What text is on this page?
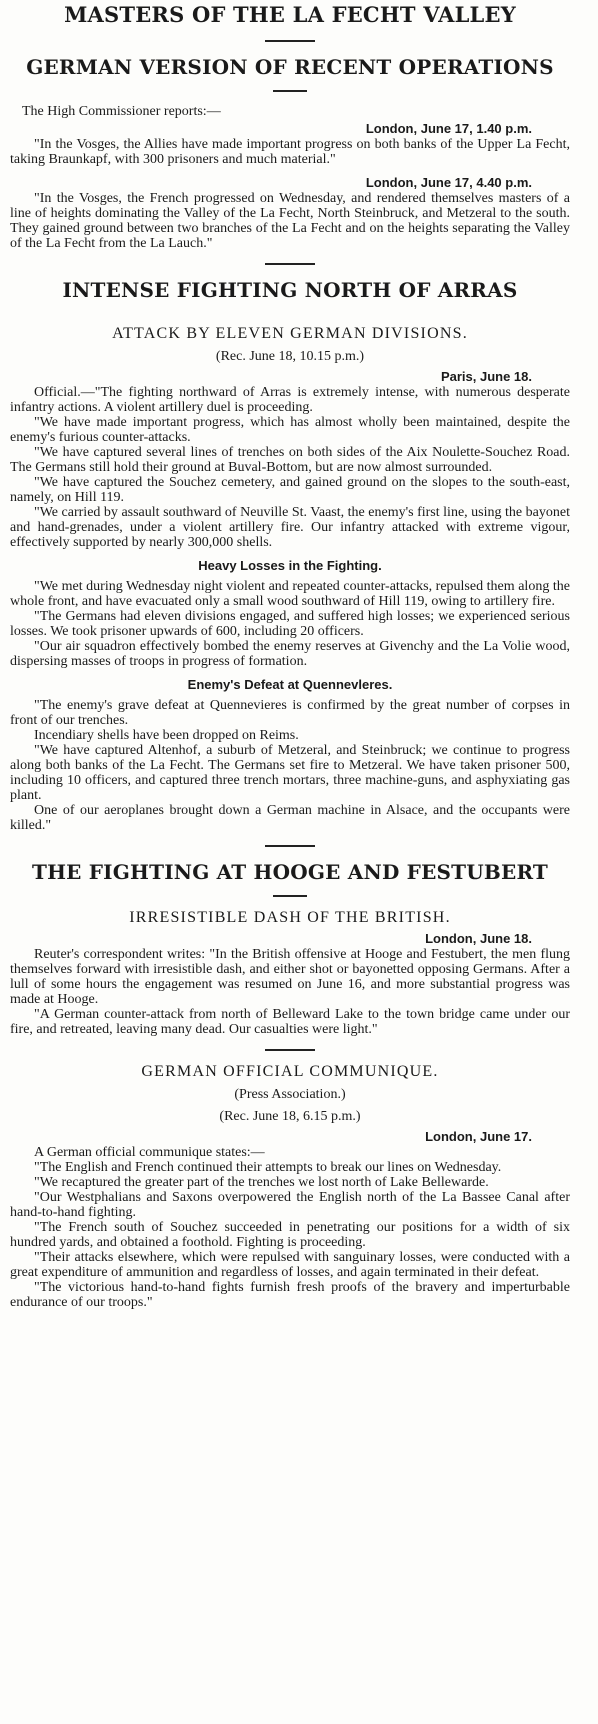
MASTERS OF THE LA FECHT VALLEY
GERMAN VERSION OF RECENT OPERATIONS

The High Commissioner reports:—

London, June 17, 1.40 p.m.

"In the Vosges, the Allies have made important progress on both banks of the Upper La Fecht, taking Braunkapf, with 300 prisoners and much material."

London, June 17, 4.40 p.m.

"In the Vosges, the French progressed on Wednesday, and rendered themselves masters of a line of heights dominating the Valley of the La Fecht, North Steinbruck, and Metzeral to the south. They gained ground between two branches of the La Fecht and on the heights separating the Valley of the La Fecht from the La Lauch."

INTENSE FIGHTING NORTH OF ARRAS
ATTACK BY ELEVEN GERMAN DIVISIONS.
(Rec. June 18, 10.15 p.m.)
Paris, June 18.

Official.—"The fighting northward of Arras is extremely intense, with numerous desperate infantry actions. A violent artillery duel is proceeding.

"We have made important progress, which has almost wholly been maintained, despite the enemy's furious counter-attacks.

"We have captured several lines of trenches on both sides of the Aix Noulette-Souchez Road. The Germans still hold their ground at Buval-Bottom, but are now almost surrounded.

"We have captured the Souchez cemetery, and gained ground on the slopes to the south-east, namely, on Hill 119.

"We carried by assault southward of Neuville St. Vaast, the enemy's first line, using the bayonet and hand-grenades, under a violent artillery fire. Our infantry attacked with extreme vigour, effectively supported by nearly 300,000 shells.

Heavy Losses in the Fighting.

"We met during Wednesday night violent and repeated counter-attacks, repulsed them along the whole front, and have evacuated only a small wood southward of Hill 119, owing to artillery fire.

"The Germans had eleven divisions engaged, and suffered high losses; we experienced serious losses. We took prisoner upwards of 600, including 20 officers.

"Our air squadron effectively bombed the enemy reserves at Givenchy and the La Volie wood, dispersing masses of troops in progress of formation.

Enemy's Defeat at Quennevleres.

"The enemy's grave defeat at Quennevieres is confirmed by the great number of corpses in front of our trenches.

Incendiary shells have been dropped on Reims.

"We have captured Altenhof, a suburb of Metzeral, and Steinbruck; we continue to progress along both banks of the La Fecht. The Germans set fire to Metzeral. We have taken prisoner 500, including 10 officers, and captured three trench mortars, three machine-guns, and asphyxiating gas plant.

One of our aeroplanes brought down a German machine in Alsace, and the occupants were killed."

THE FIGHTING AT HOOGE AND FESTUBERT
IRRESISTIBLE DASH OF THE BRITISH.
London, June 18.

Reuter's correspondent writes: "In the British offensive at Hooge and Festubert, the men flung themselves forward with irresistible dash, and either shot or bayonetted opposing Germans. After a lull of some hours the engagement was resumed on June 16, and more substantial progress was made at Hooge.

"A German counter-attack from north of Belleward Lake to the town bridge came under our fire, and retreated, leaving many dead. Our casualties were light."

GERMAN OFFICIAL COMMUNIQUE.
(Press Association.)
(Rec. June 18, 6.15 p.m.)
London, June 17.

A German official communique states:—

"The English and French continued their attempts to break our lines on Wednesday.

"We recaptured the greater part of the trenches we lost north of Lake Bellewarde.

"Our Westphalians and Saxons overpowered the English north of the La Bassee Canal after hand-to-hand fighting.

"The French south of Souchez succeeded in penetrating our positions for a width of six hundred yards, and obtained a foothold. Fighting is proceeding.

"Their attacks elsewhere, which were repulsed with sanguinary losses, were conducted with a great expenditure of ammunition and regardless of losses, and again terminated in their defeat.

"The victorious hand-to-hand fights furnish fresh proofs of the bravery and imperturbable endurance of our troops."
